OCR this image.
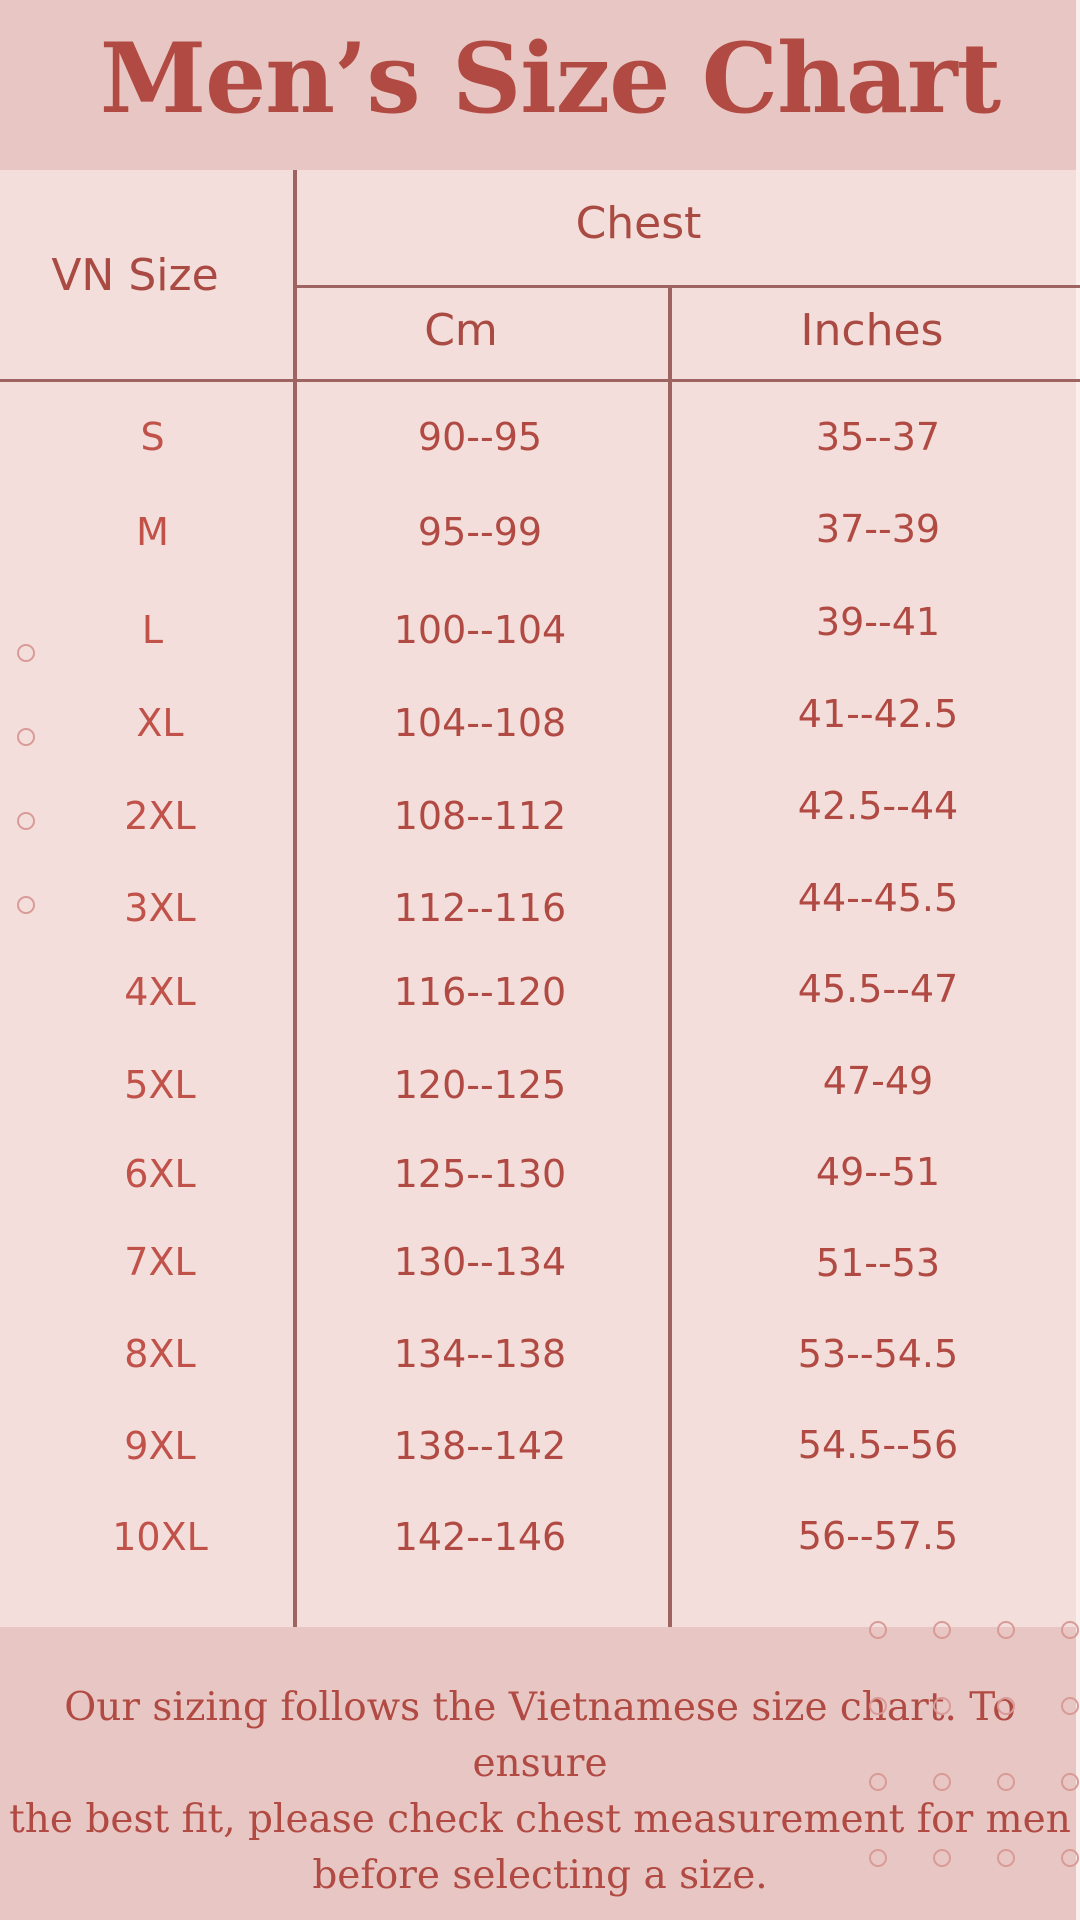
Men’s Size Chart
VN Size
Chest
Cm	Inches
S	90--95	35--37
M	95--99	37--39
L	100--104	39--41
XL	104--108	41--42.5
2XL	108--112	42.5--44
3XL	112--116	44--45.5
4XL	116--120	45.5--47
5XL	120--125	47-49
6XL	125--130	49--51
7XL	130--134	51--53
8XL	134--138	53--54.5
9XL	138--142	54.5--56
10XL	142--146	56--57.5
Our sizing follows the Vietnamese size chart. To ensure
the best fit, please check chest measurement for men
before selecting a size.
